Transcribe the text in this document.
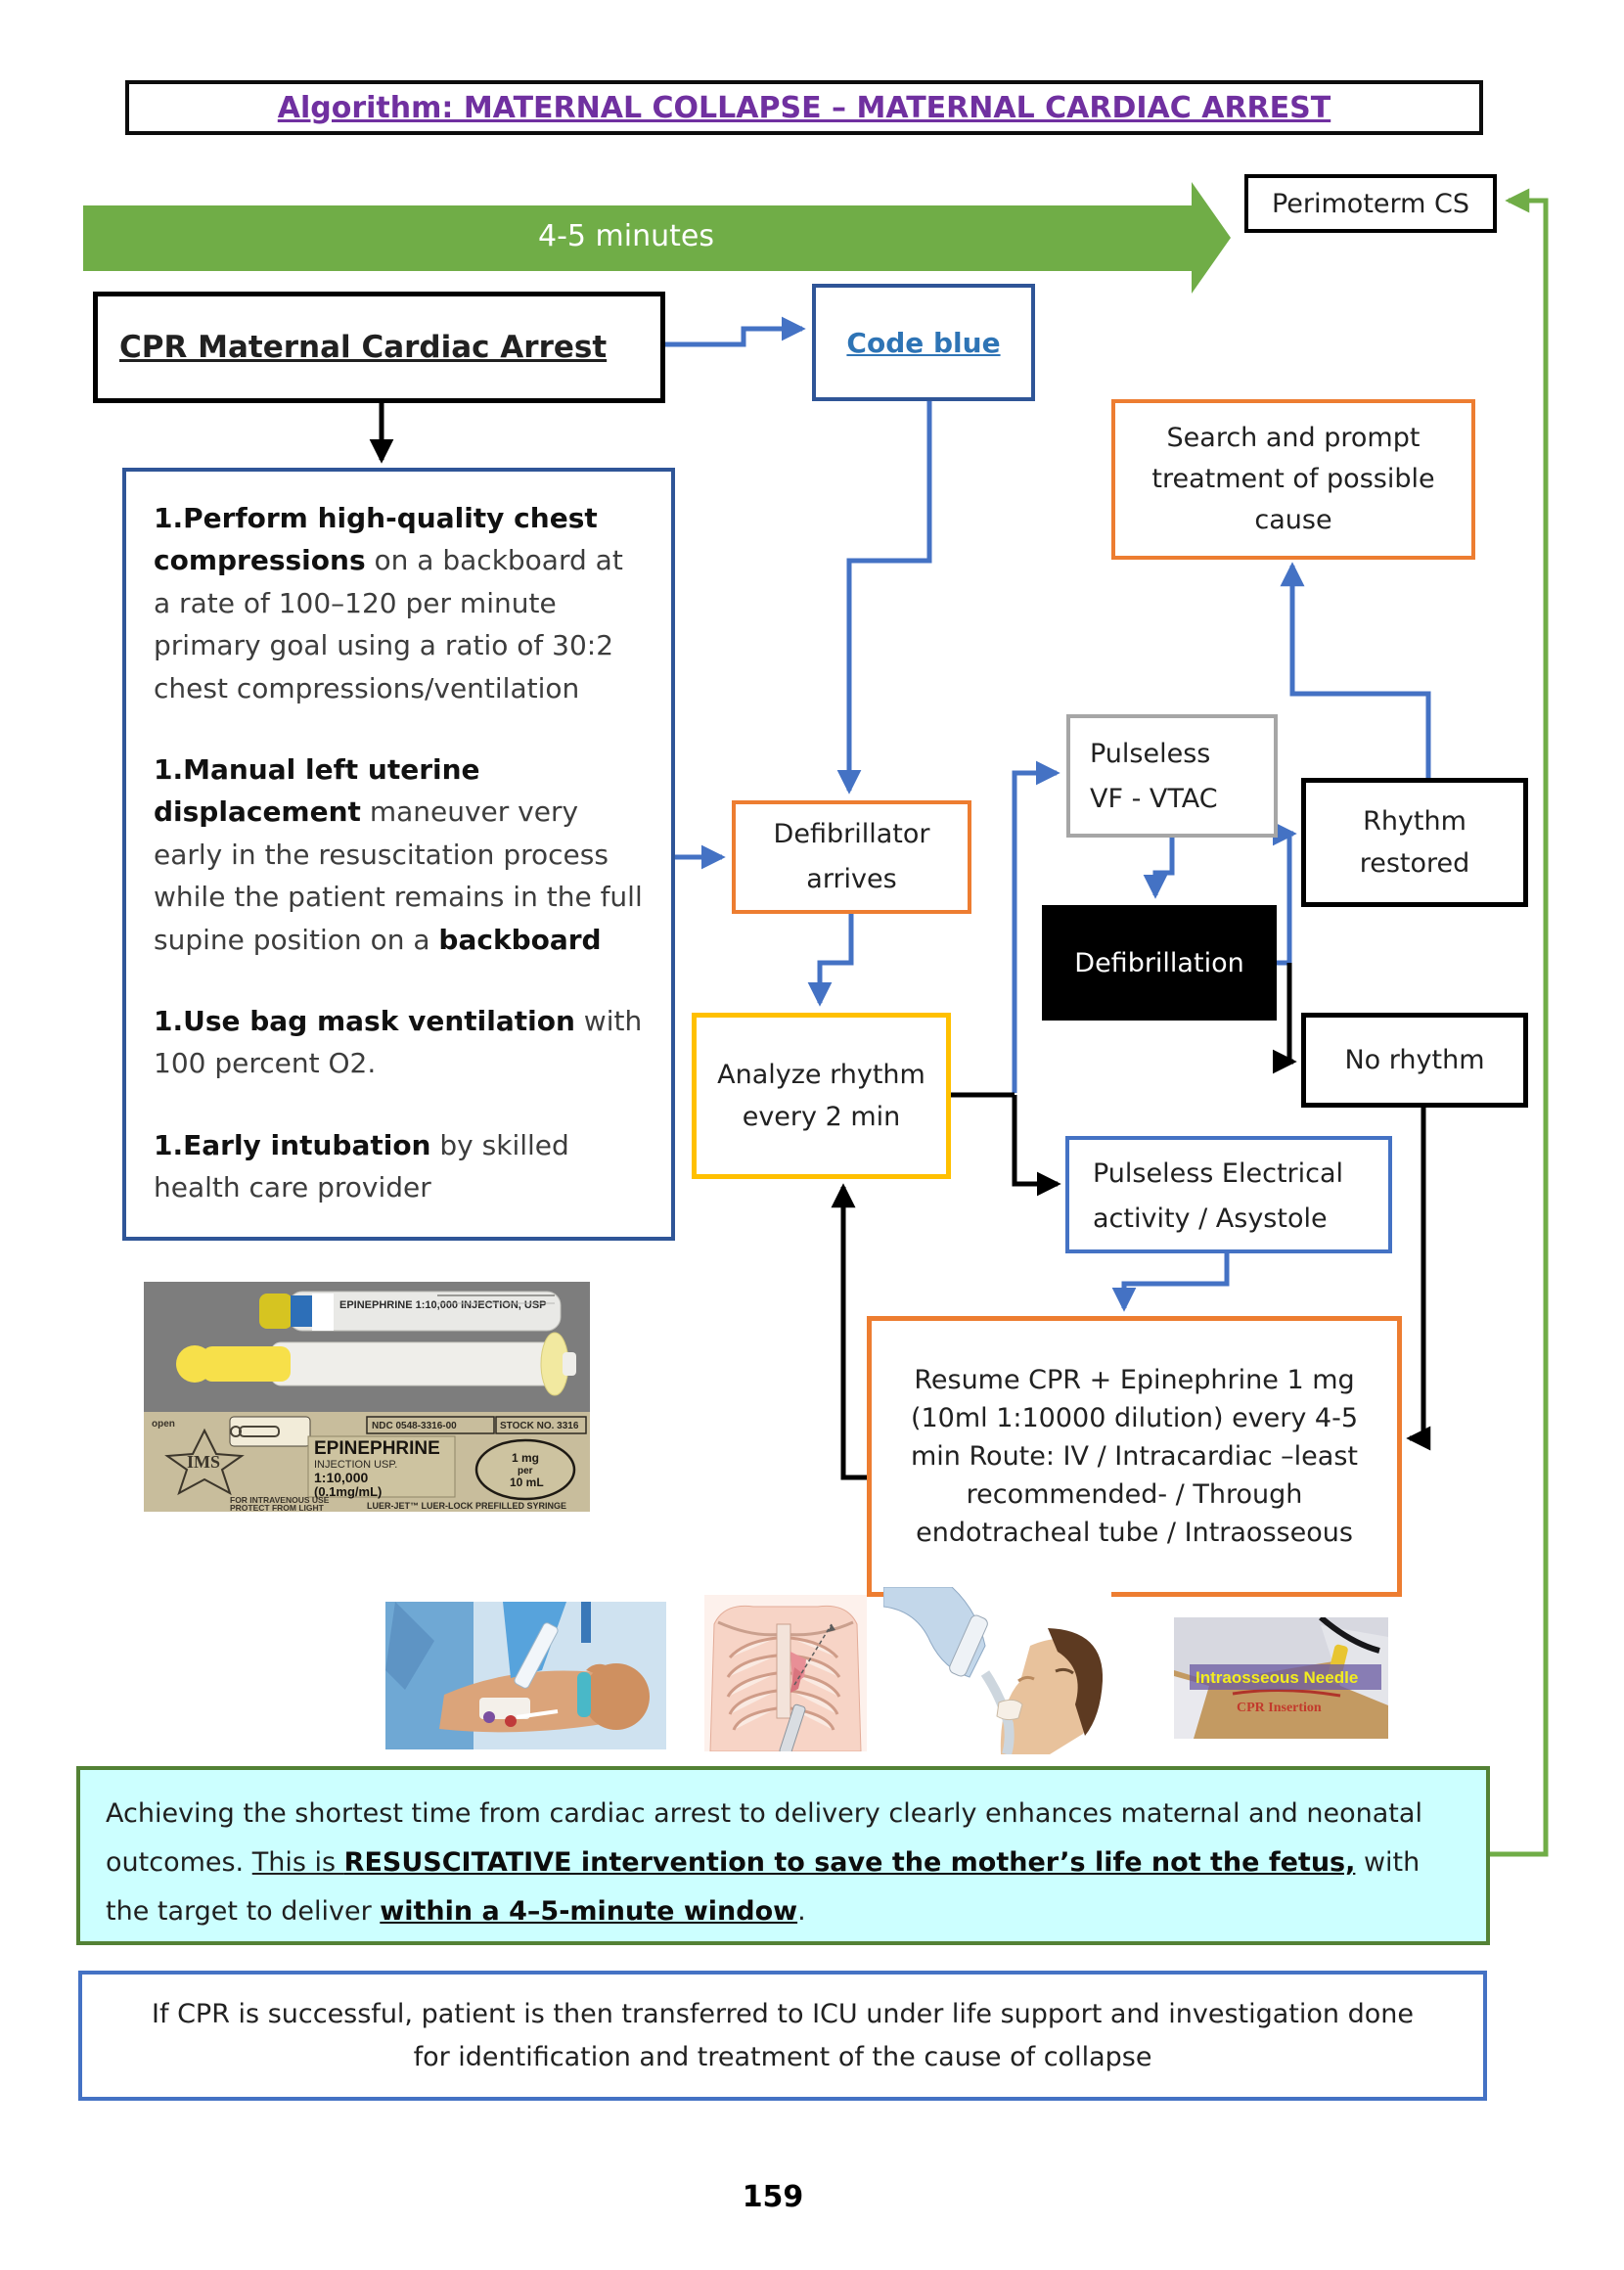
Algorithm: MATERNAL COLLAPSE – MATERNAL CARDIAC ARREST
4-5 minutes
Perimoterm CS
CPR Maternal Cardiac Arrest	Code blue

1.Perform high-quality chest compressions on a backboard at a rate of 100–120 per minute primary goal using a ratio of 30:2 chest compressions/ventilation

1.Manual left uterine displacement maneuver very early in the resuscitation process while the patient remains in the full supine position on a backboard

1.Use bag mask ventilation with 100 percent O2.

1.Early intubation by skilled health care provider

Defibrillator arrives
Analyze rhythm every 2 min
Pulseless
VF - VTAC
Defibrillation
Rhythm restored
No rhythm
Search and prompt treatment of possible cause
Pulseless Electrical
activity / Asystole
Resume CPR + Epinephrine 1 mg (10ml 1:10000 dilution) every 4-5 min Route: IV / Intracardiac –least recommended- / Through endotracheal tube / Intraosseous
EPINEPHRINE 1:10,000 INJECTION, USP
open	NDC 0548-3316-00	STOCK NO. 3316
IMS
EPINEPHRINE
INJECTION USP.
1:10,000
(0.1mg/mL)
1 mg
per
10 mL
FOR INTRAVENOUS USE
PROTECT FROM LIGHT	LUER-JET™ LUER-LOCK PREFILLED SYRINGE
Intraosseous Needle
CPR Insertion
Achieving the shortest time from cardiac arrest to delivery clearly enhances maternal and neonatal outcomes. This is RESUSCITATIVE intervention to save the mother’s life not the fetus, with the target to deliver within a 4–5-minute window.
If CPR is successful, patient is then transferred to ICU under life support and investigation done for identification and treatment of the cause of collapse
159
